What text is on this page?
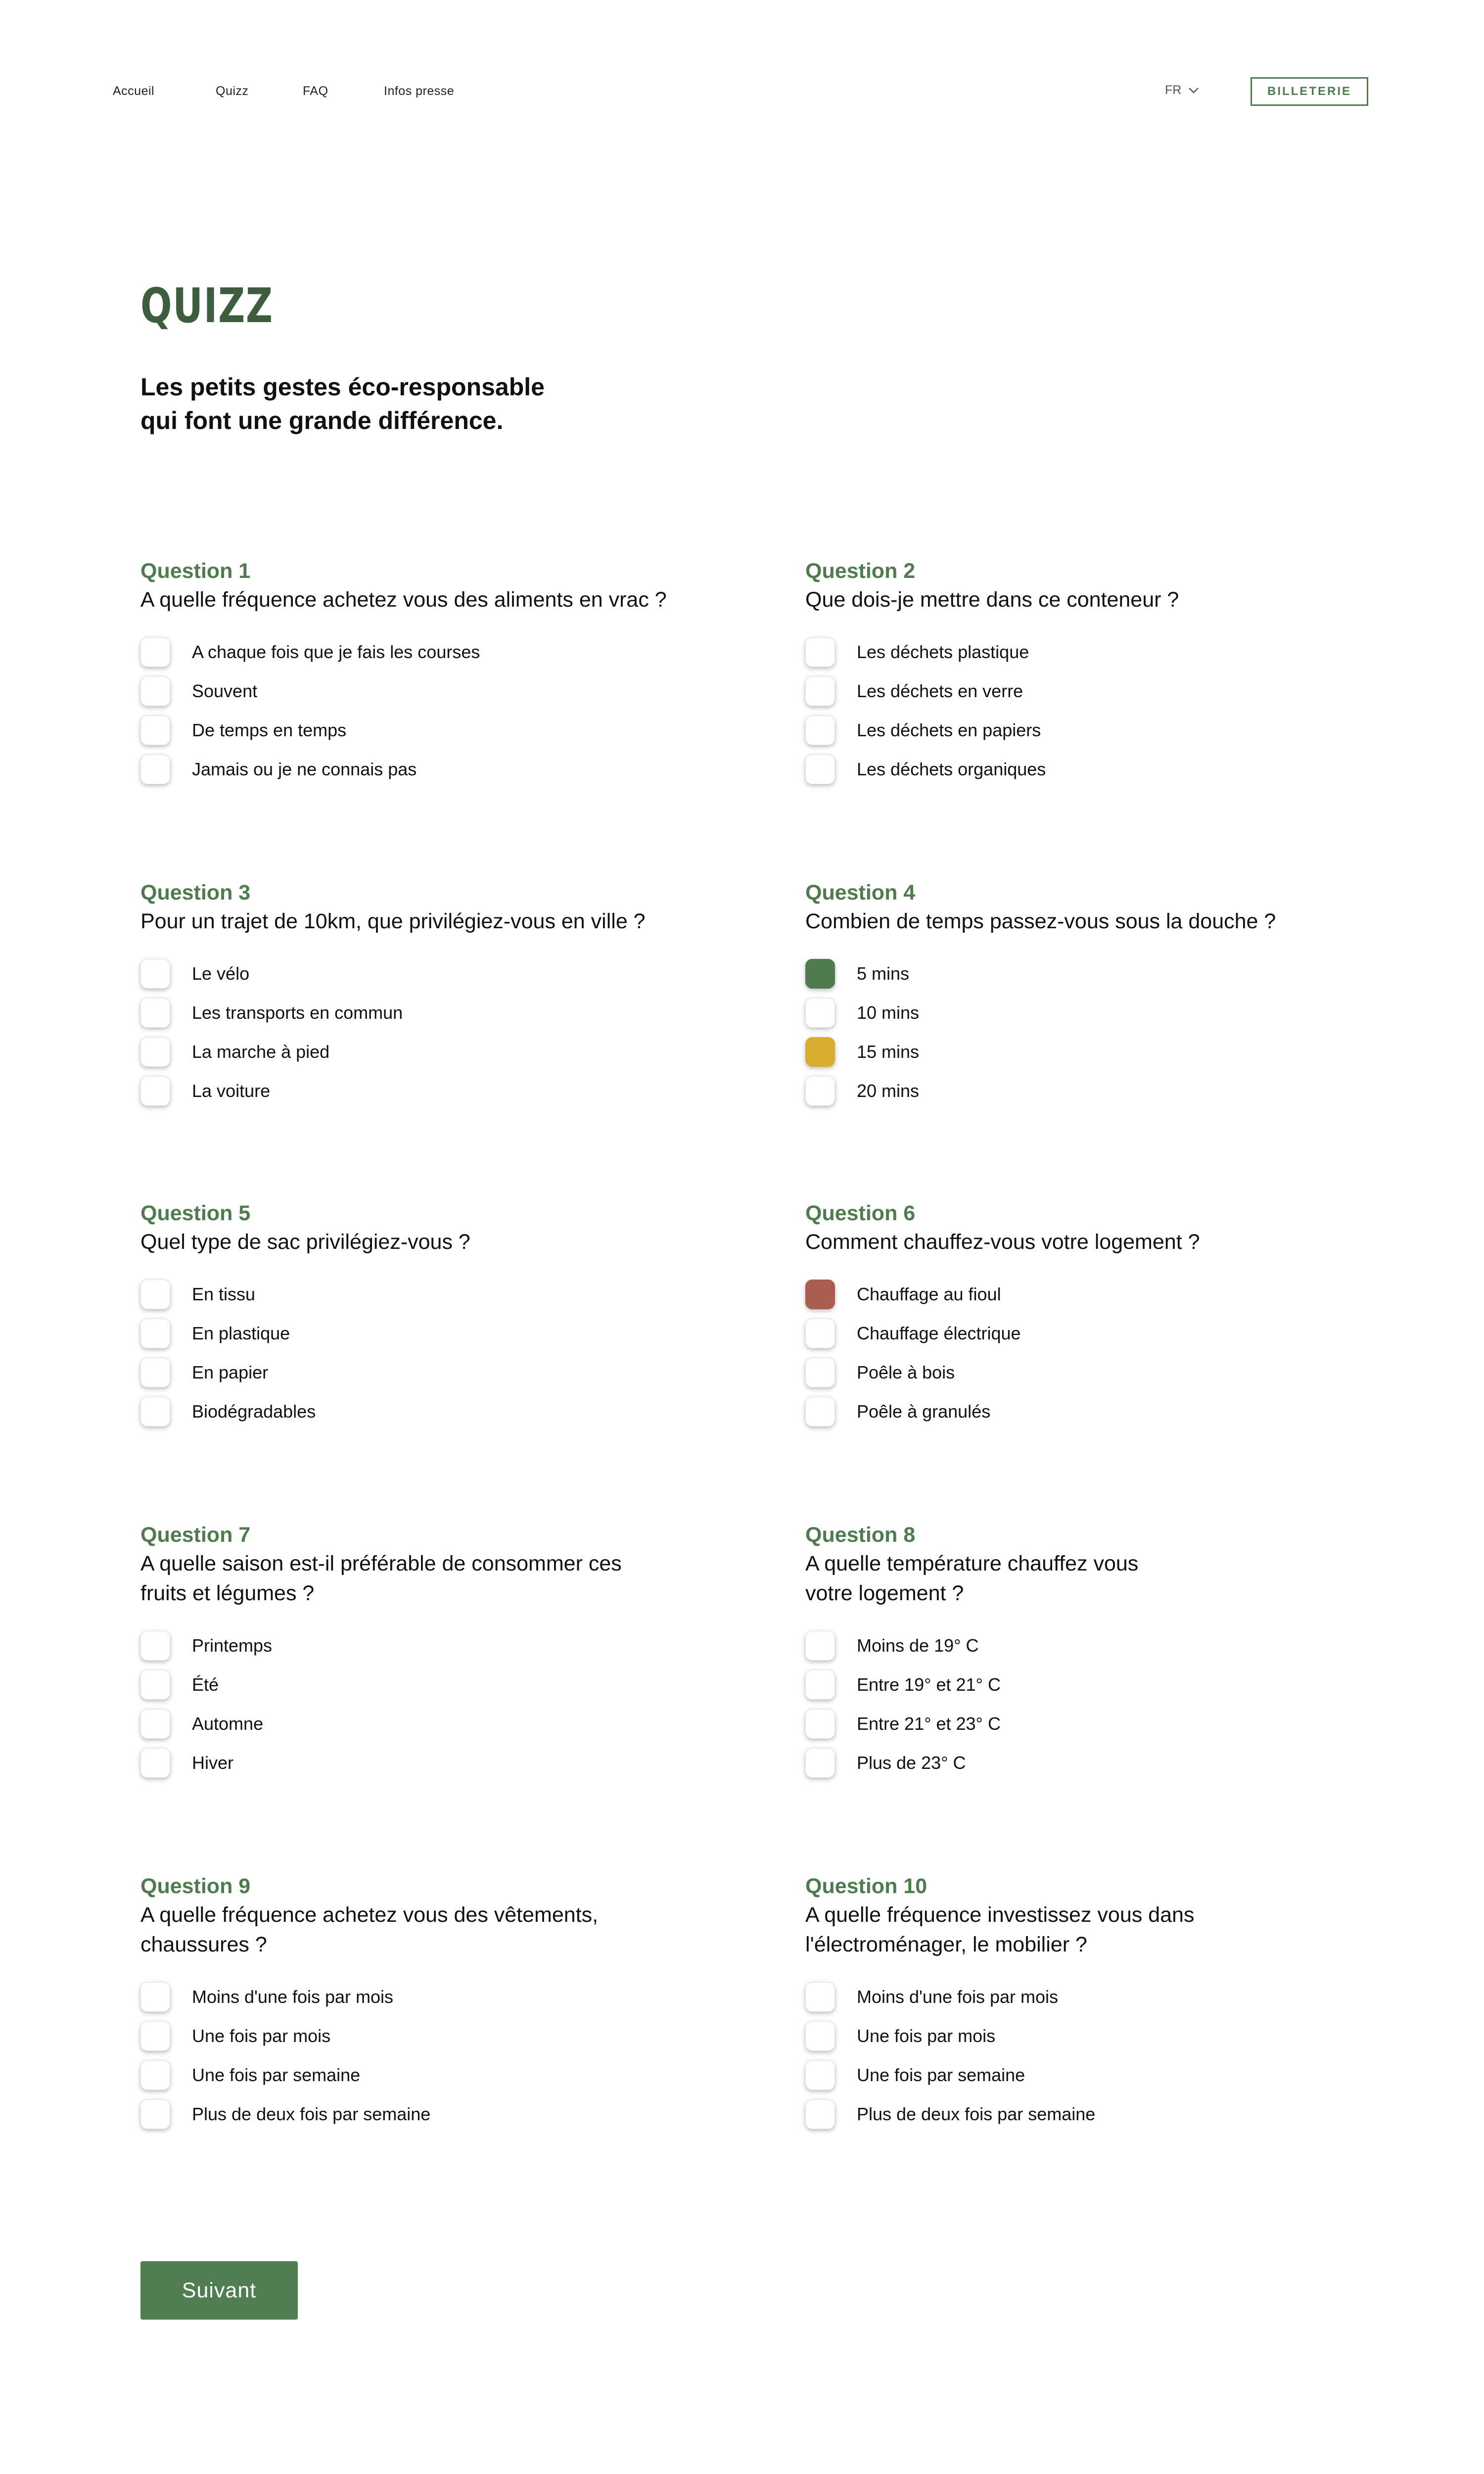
Accueil	Quizz	FAQ	Infos presse	FR	BILLETERIE
QUIZZ
Les petits gestes éco-responsable
qui font une grande différence.
Question 1
A quelle fréquence achetez vous des aliments en vrac ?
A chaque fois que je fais les courses
Souvent
De temps en temps
Jamais ou je ne connais pas
Question 2
Que dois-je mettre dans ce conteneur ?
Les déchets plastique
Les déchets en verre
Les déchets en papiers
Les déchets organiques
Question 3
Pour un trajet de 10km, que privilégiez-vous en ville ?
Le vélo
Les transports en commun
La marche à pied
La voiture
Question 4
Combien de temps passez-vous sous la douche ?
5 mins
10 mins
15 mins
20 mins
Question 5
Quel type de sac privilégiez-vous ?
En tissu
En plastique
En papier
Biodégradables
Question 6
Comment chauffez-vous votre logement ?
Chauffage au fioul
Chauffage électrique
Poêle à bois
Poêle à granulés
Question 7
A quelle saison est-il préférable de consommer ces
fruits et légumes ?
Printemps
Été
Automne
Hiver
Question 8
A quelle température chauffez vous
votre logement ?
Moins de 19° C
Entre 19° et 21° C
Entre 21° et 23° C
Plus de 23° C
Question 9
A quelle fréquence achetez vous des vêtements,
chaussures ?
Moins d'une fois par mois
Une fois par mois
Une fois par semaine
Plus de deux fois par semaine
Question 10
A quelle fréquence investissez vous dans
l'électroménager, le mobilier ?
Moins d'une fois par mois
Une fois par mois
Une fois par semaine
Plus de deux fois par semaine
Suivant
